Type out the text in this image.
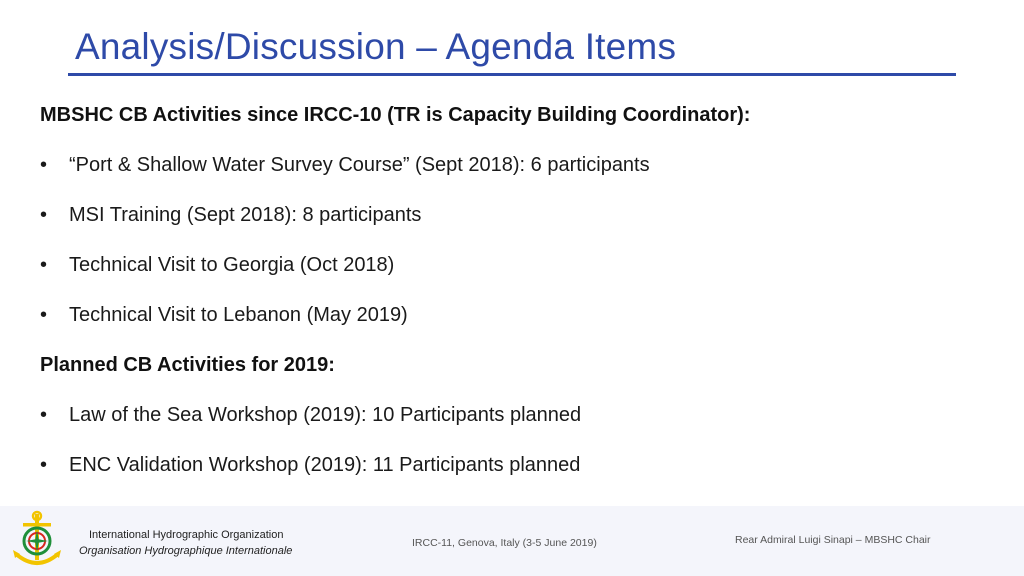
Analysis/Discussion – Agenda Items
MBSHC CB Activities since IRCC-10 (TR is Capacity Building Coordinator):
• “Port & Shallow Water Survey Course” (Sept 2018): 6 participants
• MSI Training (Sept 2018): 8 participants
• Technical Visit to Georgia (Oct 2018)
• Technical Visit to Lebanon (May 2019)
Planned CB Activities for 2019:
• Law of the Sea Workshop (2019): 10 Participants planned
• ENC Validation Workshop (2019): 11 Participants planned
International Hydrographic Organization
Organisation Hydrographique Internationale
IRCC-11, Genova, Italy (3-5 June 2019)	Rear Admiral Luigi Sinapi – MBSHC Chair
